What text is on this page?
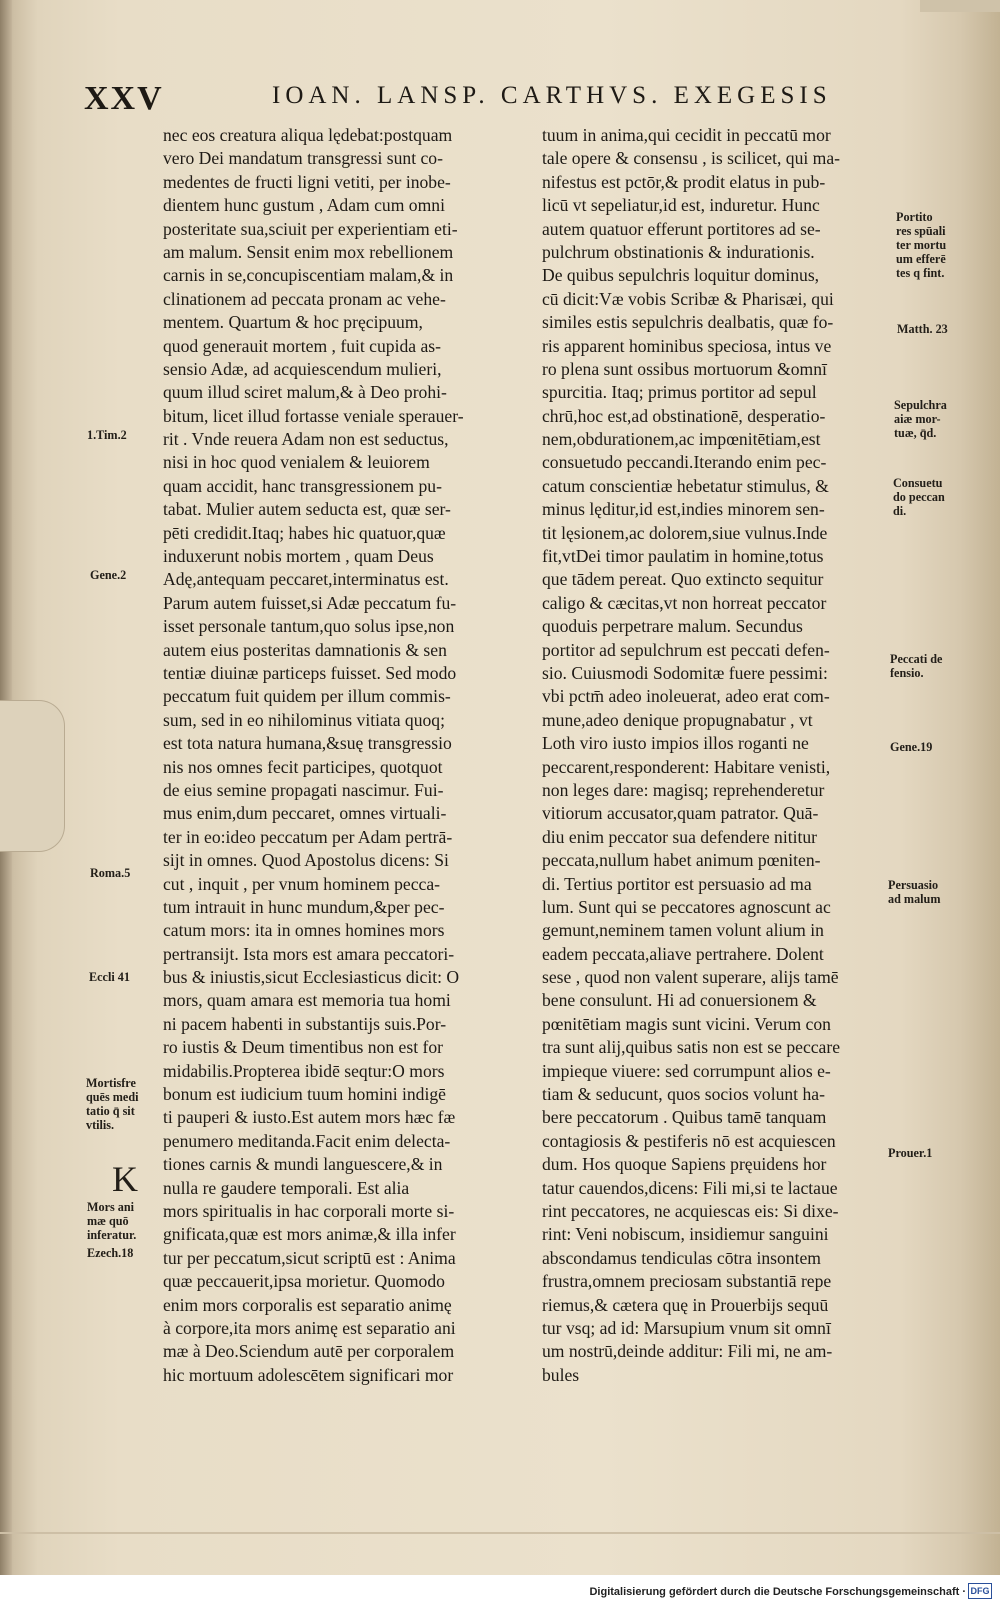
XXV	IOAN. LANSP. CARTHVS. EXEGESIS
nec eos creatura aliqua lędebat:postquam
vero Dei mandatum transgressi sunt co-
medentes de fructi ligni vetiti, per inobe-
dientem hunc gustum , Adam cum omni
posteritate sua,sciuit per experientiam eti-
am malum. Sensit enim mox rebellionem
carnis in se,concupiscentiam malam,& in
clinationem ad peccata pronam ac vehe-
mentem. Quartum & hoc pręcipuum,
quod generauit mortem , fuit cupida as-
sensio Adæ, ad acquiescendum mulieri,
quum illud sciret malum,& à Deo prohi-
bitum, licet illud fortasse veniale sperauer-
rit . Vnde reuera Adam non est seductus,
nisi in hoc quod venialem & leuiorem
quam accidit, hanc transgressionem pu-
tabat. Mulier autem seducta est, quæ ser-
pēti credidit.Itaq; habes hic quatuor,quæ
induxerunt nobis mortem , quam Deus
Adę,antequam peccaret,interminatus est.
Parum autem fuisset,si Adæ peccatum fu-
isset personale tantum,quo solus ipse,non
autem eius posteritas damnationis & sen
tentiæ diuinæ particeps fuisset. Sed modo
peccatum fuit quidem per illum commis-
sum, sed in eo nihilominus vitiata quoq;
est tota natura humana,&suę transgressio
nis nos omnes fecit participes, quotquot
de eius semine propagati nascimur. Fui-
mus enim,dum peccaret, omnes virtuali-
ter in eo:ideo peccatum per Adam pertrā-
sijt in omnes. Quod Apostolus dicens: Si
cut , inquit , per vnum hominem pecca-
tum intrauit in hunc mundum,&per pec-
catum mors: ita in omnes homines mors
pertransijt. Ista mors est amara peccatori-
bus & iniustis,sicut Ecclesiasticus dicit: O
mors, quam amara est memoria tua homi
ni pacem habenti in substantijs suis.Por-
ro iustis & Deum timentibus non est for
midabilis.Propterea ibidē seqtur:O mors
bonum est iudicium tuum homini indigē
ti pauperi & iusto.Est autem mors hæc fæ
penumero meditanda.Facit enim delecta-
tiones carnis & mundi languescere,& in
nulla re gaudere temporali. Est alia
mors spiritualis in hac corporali morte si-
gnificata,quæ est mors animæ,& illa infer
tur per peccatum,sicut scriptū est : Anima
quæ peccauerit,ipsa morietur. Quomodo
enim mors corporalis est separatio animę
à corpore,ita mors animę est separatio ani
mæ à Deo.Sciendum autē per corporalem
hic mortuum adolescētem significari mor
tuum in anima,qui cecidit in peccatū mor
tale opere & consensu , is scilicet, qui ma-
nifestus est pctōr,& prodit elatus in pub-
licū vt sepeliatur,id est, induretur. Hunc
autem quatuor efferunt portitores ad se-
pulchrum obstinationis & indurationis.
De quibus sepulchris loquitur dominus,
cū dicit:Væ vobis Scribæ & Pharisæi, qui
similes estis sepulchris dealbatis, quæ fo-
ris apparent hominibus speciosa, intus ve
ro plena sunt ossibus mortuorum &omnī
spurcitia. Itaq; primus portitor ad sepul
chrū,hoc est,ad obstinationē, desperatio-
nem,obdurationem,ac impœnitētiam,est
consuetudo peccandi.Iterando enim pec-
catum conscientiæ hebetatur stimulus, &
minus lęditur,id est,indies minorem sen-
tit lęsionem,ac dolorem,siue vulnus.Inde
fit,vtDei timor paulatim in homine,totus
que tādem pereat. Quo extincto sequitur
caligo & cæcitas,vt non horreat peccator
quoduis perpetrare malum. Secundus
portitor ad sepulchrum est peccati defen-
sio. Cuiusmodi Sodomitæ fuere pessimi:
vbi pctm̄ adeo inoleuerat, adeo erat com-
mune,adeo denique propugnabatur , vt
Loth viro iusto impios illos roganti ne
peccarent,responderent: Habitare venisti,
non leges dare: magisq; reprehenderetur
vitiorum accusator,quam patrator. Quā-
diu enim peccator sua defendere nititur
peccata,nullum habet animum pœniten-
di. Tertius portitor est persuasio ad ma
lum. Sunt qui se peccatores agnoscunt ac
gemunt,neminem tamen volunt alium in
eadem peccata,aliave pertrahere. Dolent
sese , quod non valent superare, alijs tamē
bene consulunt. Hi ad conuersionem &
pœnitētiam magis sunt vicini. Verum con
tra sunt alij,quibus satis non est se peccare
impieque viuere: sed corrumpunt alios e-
tiam & seducunt, quos socios volunt ha-
bere peccatorum . Quibus tamē tanquam
contagiosis & pestiferis nō est acquiescen
dum. Hos quoque Sapiens pręuidens hor
tatur cauendos,dicens: Fili mi,si te lactaue
rint peccatores, ne acquiescas eis: Si dixe-
rint: Veni nobiscum, insidiemur sanguini
abscondamus tendiculas cōtra insontem
frustra,omnem preciosam substantiā repe
riemus,& cætera quę in Prouerbijs sequū
tur vsq; ad id: Marsupium vnum sit omnī
um nostrū,deinde additur: Fili mi, ne am-
bules
1.Tim.2
Gene.2
Roma.5
Eccli 41
Mortisfre
quēs medi
tatio q̄ sit
vtilis.
K
Mors ani
mæ quō
inferatur.
Ezech.18
Portito
res spūali
ter mortu
um efferē
tes q fint.
Matth. 23
Sepulchra
aiæ mor-
tuæ, q̄d.
Consuetu
do peccan
di.
Peccati de
fensio.
Gene.19
Persuasio
ad malum
Prouer.1
Digitalisierung gefördert durch die Deutsche Forschungsgemeinschaft · DFG
